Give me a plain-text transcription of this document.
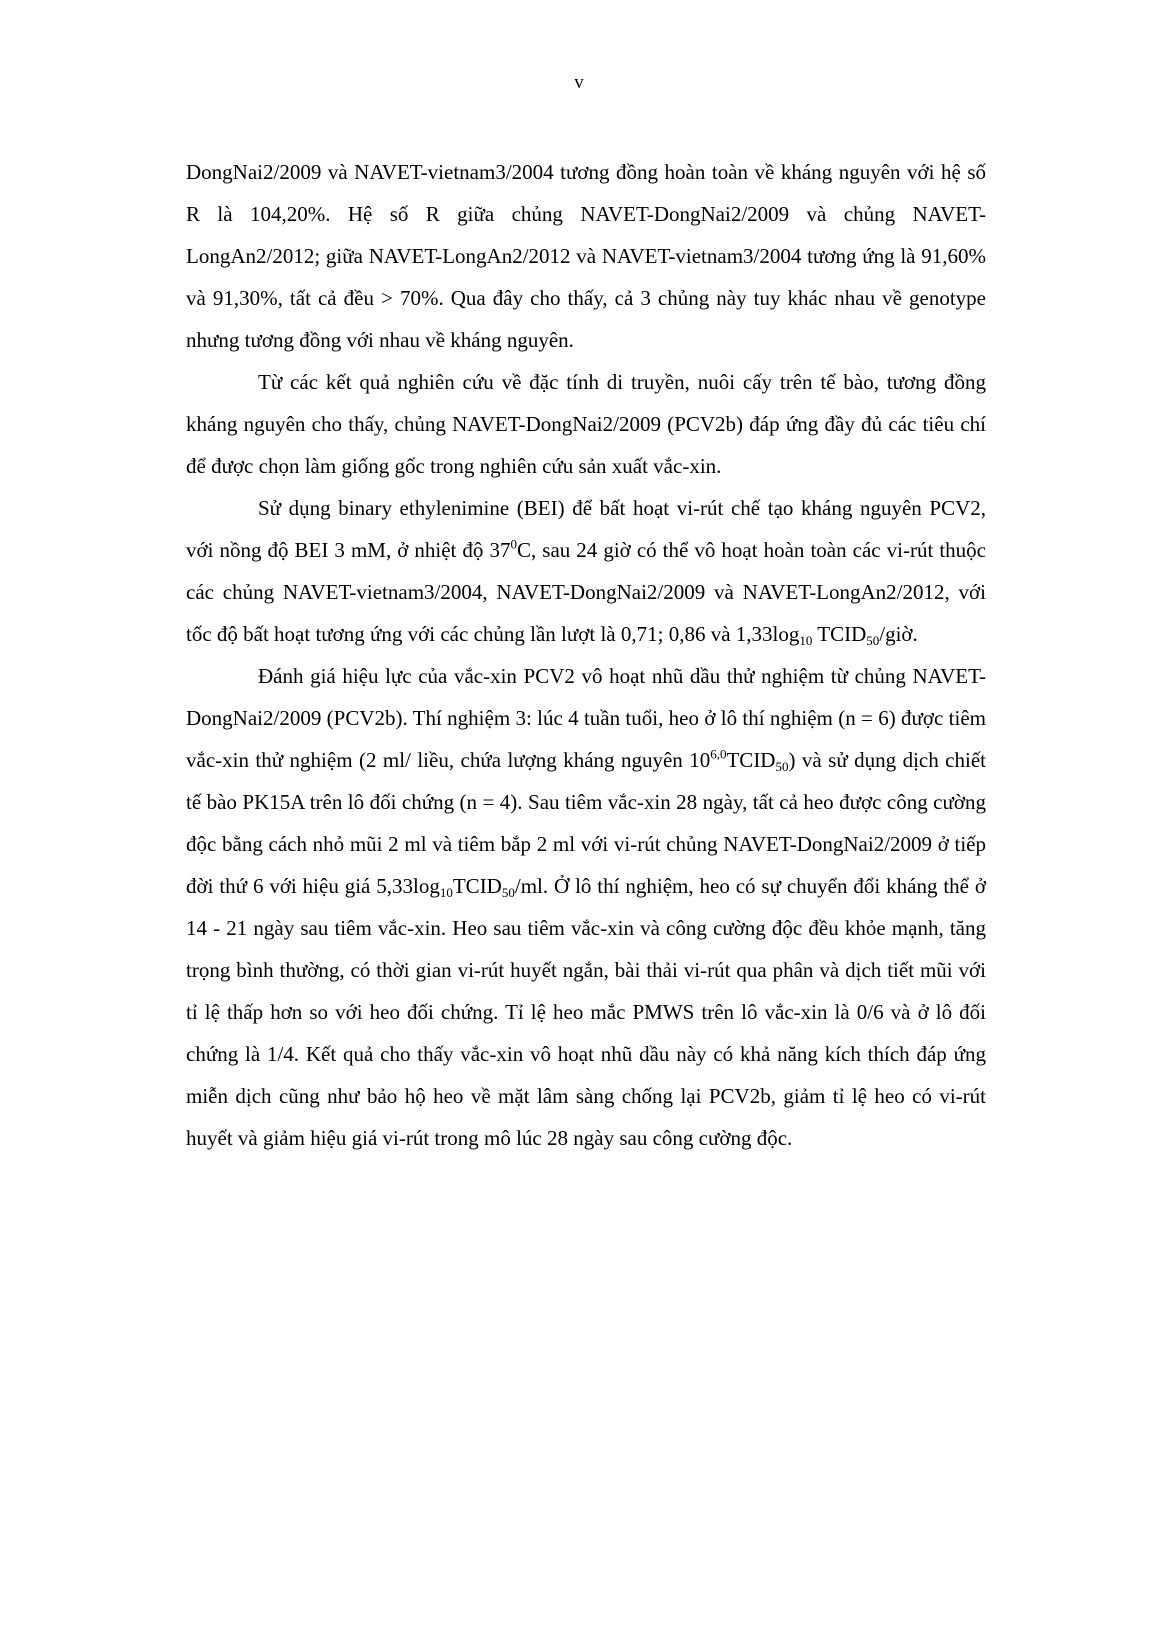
v

DongNai2/2009 và NAVET-vietnam3/2004 tương đồng hoàn toàn về kháng nguyên với hệ số R là 104,20%. Hệ số R giữa chủng NAVET-DongNai2/2009 và chủng NAVET-LongAn2/2012; giữa NAVET-LongAn2/2012 và NAVET-vietnam3/2004 tương ứng là 91,60% và 91,30%, tất cả đều > 70%. Qua đây cho thấy, cả 3 chủng này tuy khác nhau về genotype nhưng tương đồng với nhau về kháng nguyên.

Từ các kết quả nghiên cứu về đặc tính di truyền, nuôi cấy trên tế bào, tương đồng kháng nguyên cho thấy, chủng NAVET-DongNai2/2009 (PCV2b) đáp ứng đầy đủ các tiêu chí để được chọn làm giống gốc trong nghiên cứu sản xuất vắc-xin.

Sử dụng binary ethylenimine (BEI) để bất hoạt vi-rút chế tạo kháng nguyên PCV2, với nồng độ BEI 3 mM, ở nhiệt độ $37^0C$, sau 24 giờ có thể vô hoạt hoàn toàn các vi-rút thuộc các chủng NAVET-vietnam3/2004, NAVET-DongNai2/2009 và NAVET-LongAn2/2012, với tốc độ bất hoạt tương ứng với các chủng lần lượt là 0,71; 0,86 và $1,33\log_{10}$ $TCID_{50}$/giờ.

Đánh giá hiệu lực của vắc-xin PCV2 vô hoạt nhũ dầu thử nghiệm từ chủng NAVET-DongNai2/2009 (PCV2b). Thí nghiệm 3: lúc 4 tuần tuổi, heo ở lô thí nghiệm (n = 6) được tiêm vắc-xin thử nghiệm (2 ml/ liều, chứa lượng kháng nguyên $10^{6,0}TCID_{50}$) và sử dụng dịch chiết tế bào PK15A trên lô đối chứng (n = 4). Sau tiêm vắc-xin 28 ngày, tất cả heo được công cường độc bằng cách nhỏ mũi 2 ml và tiêm bắp 2 ml với vi-rút chủng NAVET-DongNai2/2009 ở tiếp đời thứ 6 với hiệu giá $5,33\log_{10}TCID_{50}/ml$. Ở lô thí nghiệm, heo có sự chuyển đổi kháng thể ở 14 - 21 ngày sau tiêm vắc-xin. Heo sau tiêm vắc-xin và công cường độc đều khỏe mạnh, tăng trọng bình thường, có thời gian vi-rút huyết ngắn, bài thải vi-rút qua phân và dịch tiết mũi với tỉ lệ thấp hơn so với heo đối chứng. Tỉ lệ heo mắc PMWS trên lô vắc-xin là 0/6 và ở lô đối chứng là 1/4. Kết quả cho thấy vắc-xin vô hoạt nhũ dầu này có khả năng kích thích đáp ứng miễn dịch cũng như bảo hộ heo về mặt lâm sàng chống lại PCV2b, giảm tỉ lệ heo có vi-rút huyết và giảm hiệu giá vi-rút trong mô lúc 28 ngày sau công cường độc.
